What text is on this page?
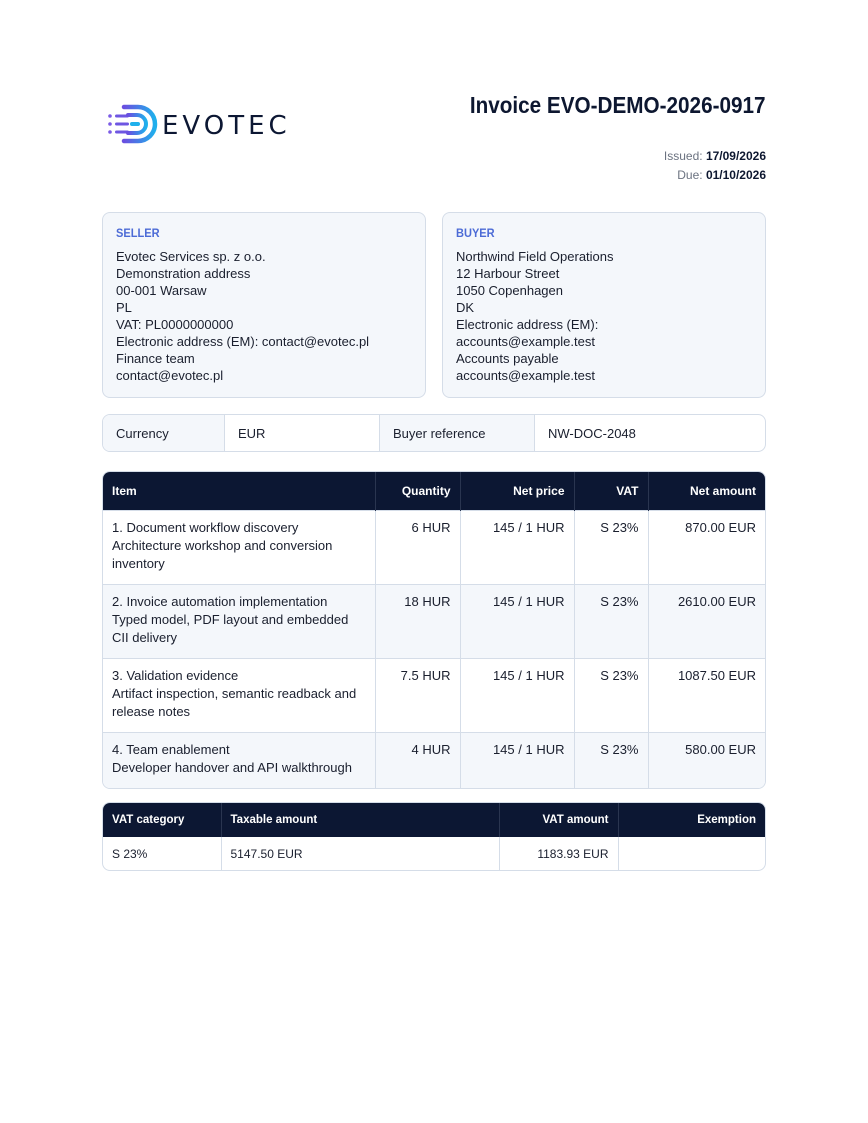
EVOTEC
Invoice EVO-DEMO-2026-0917
Issued: 17/09/2026
Due: 01/10/2026
SELLER
Evotec Services sp. z o.o.
Demonstration address
00-001 Warsaw
PL
VAT: PL0000000000
Electronic address (EM): contact@evotec.pl
Finance team
contact@evotec.pl
BUYER
Northwind Field Operations
12 Harbour Street
1050 Copenhagen
DK
Electronic address (EM):
accounts@example.test
Accounts payable
accounts@example.test
Currency	EUR	Buyer reference	NW-DOC-2048
Item	Quantity	Net price	VAT	Net amount

1. Document workflow discovery
Architecture workshop and conversion inventory	6 HUR	145 / 1 HUR	S 23%	870.00 EUR

2. Invoice automation implementation
Typed model, PDF layout and embedded CII delivery	18 HUR	145 / 1 HUR	S 23%	2610.00 EUR

3. Validation evidence
Artifact inspection, semantic readback and release notes	7.5 HUR	145 / 1 HUR	S 23%	1087.50 EUR

4. Team enablement
Developer handover and API walkthrough	4 HUR	145 / 1 HUR	S 23%	580.00 EUR
VAT category	Taxable amount	VAT amount	Exemption
S 23%	5147.50 EUR	1183.93 EUR	
